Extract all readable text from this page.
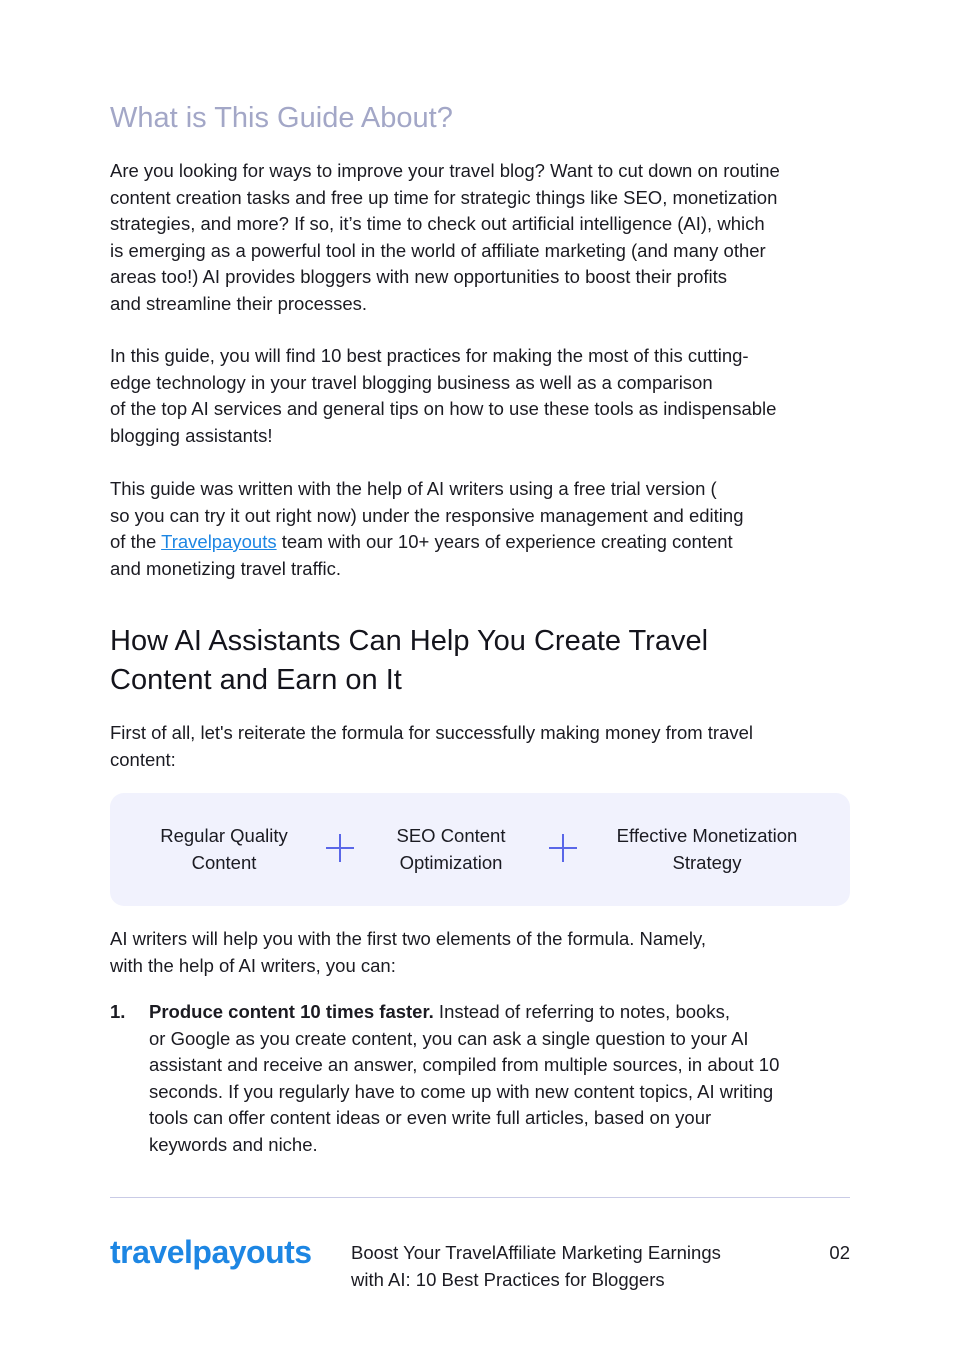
What is This Guide About?
Are you looking for ways to improve your travel blog? Want to cut down on routine
content creation tasks and free up time for strategic things like SEO, monetization
strategies, and more? If so, it’s time to check out artificial intelligence (AI), which
is emerging as a powerful tool in the world of affiliate marketing (and many other
areas too!) AI provides bloggers with new opportunities to boost their profits
and streamline their processes.
In this guide, you will find 10 best practices for making the most of this cutting-
edge technology in your travel blogging business as well as a comparison
of the top AI services and general tips on how to use these tools as indispensable
blogging assistants!
This guide was written with the help of AI writers using a free trial version (
so you can try it out right now) under the responsive management and editing
of the Travelpayouts team with our 10+ years of experience creating content
and monetizing travel traffic.
How AI Assistants Can Help You Create Travel
Content and Earn on It
First of all, let's reiterate the formula for successfully making money from travel
content:
Regular Quality
Content
SEO Content
Optimization
Effective Monetization
Strategy
AI writers will help you with the first two elements of the formula. Namely,
with the help of AI writers, you can:
1. Produce content 10 times faster. Instead of referring to notes, books,
or Google as you create content, you can ask a single question to your AI
assistant and receive an answer, compiled from multiple sources, in about 10
seconds. If you regularly have to come up with new content topics, AI writing
tools can offer content ideas or even write full articles, based on your
keywords and niche.
travelpayouts Boost Your TravelAffiliate Marketing Earnings
with AI: 10 Best Practices for Bloggers
02
